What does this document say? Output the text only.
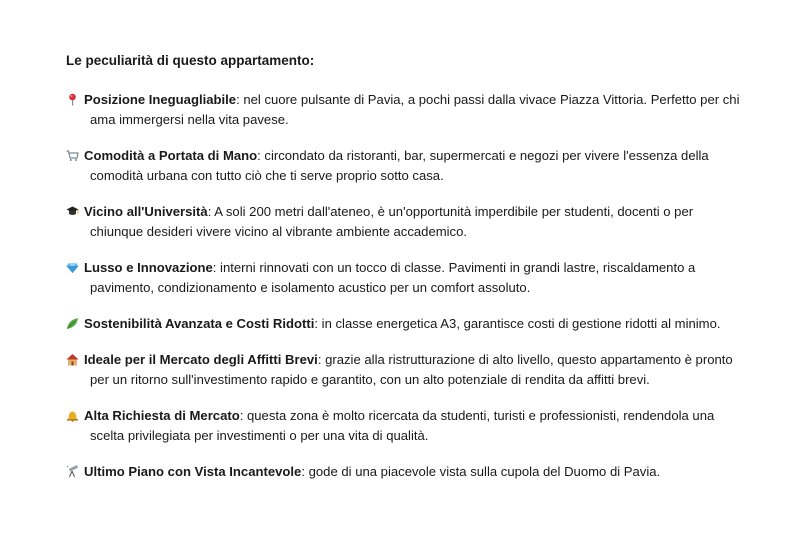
Le peculiarità di questo appartamento:
Posizione Ineguagliabile: nel cuore pulsante di Pavia, a pochi passi dalla vivace Piazza Vittoria. Perfetto per chi
ama immergersi nella vita pavese.
Comodità a Portata di Mano: circondato da ristoranti, bar, supermercati e negozi per vivere l'essenza della
comodità urbana con tutto ciò che ti serve proprio sotto casa.
Vicino all'Università: A soli 200 metri dall'ateneo, è un'opportunità imperdibile per studenti, docenti o per
chiunque desideri vivere vicino al vibrante ambiente accademico.
Lusso e Innovazione: interni rinnovati con un tocco di classe. Pavimenti in grandi lastre, riscaldamento a
pavimento, condizionamento e isolamento acustico per un comfort assoluto.
Sostenibilità Avanzata e Costi Ridotti: in classe energetica A3, garantisce costi di gestione ridotti al minimo.
Ideale per il Mercato degli Affitti Brevi: grazie alla ristrutturazione di alto livello, questo appartamento è pronto
per un ritorno sull'investimento rapido e garantito, con un alto potenziale di rendita da affitti brevi.
Alta Richiesta di Mercato: questa zona è molto ricercata da studenti, turisti e professionisti, rendendola una
scelta privilegiata per investimenti o per una vita di qualità.
Ultimo Piano con Vista Incantevole: gode di una piacevole vista sulla cupola del Duomo di Pavia.
